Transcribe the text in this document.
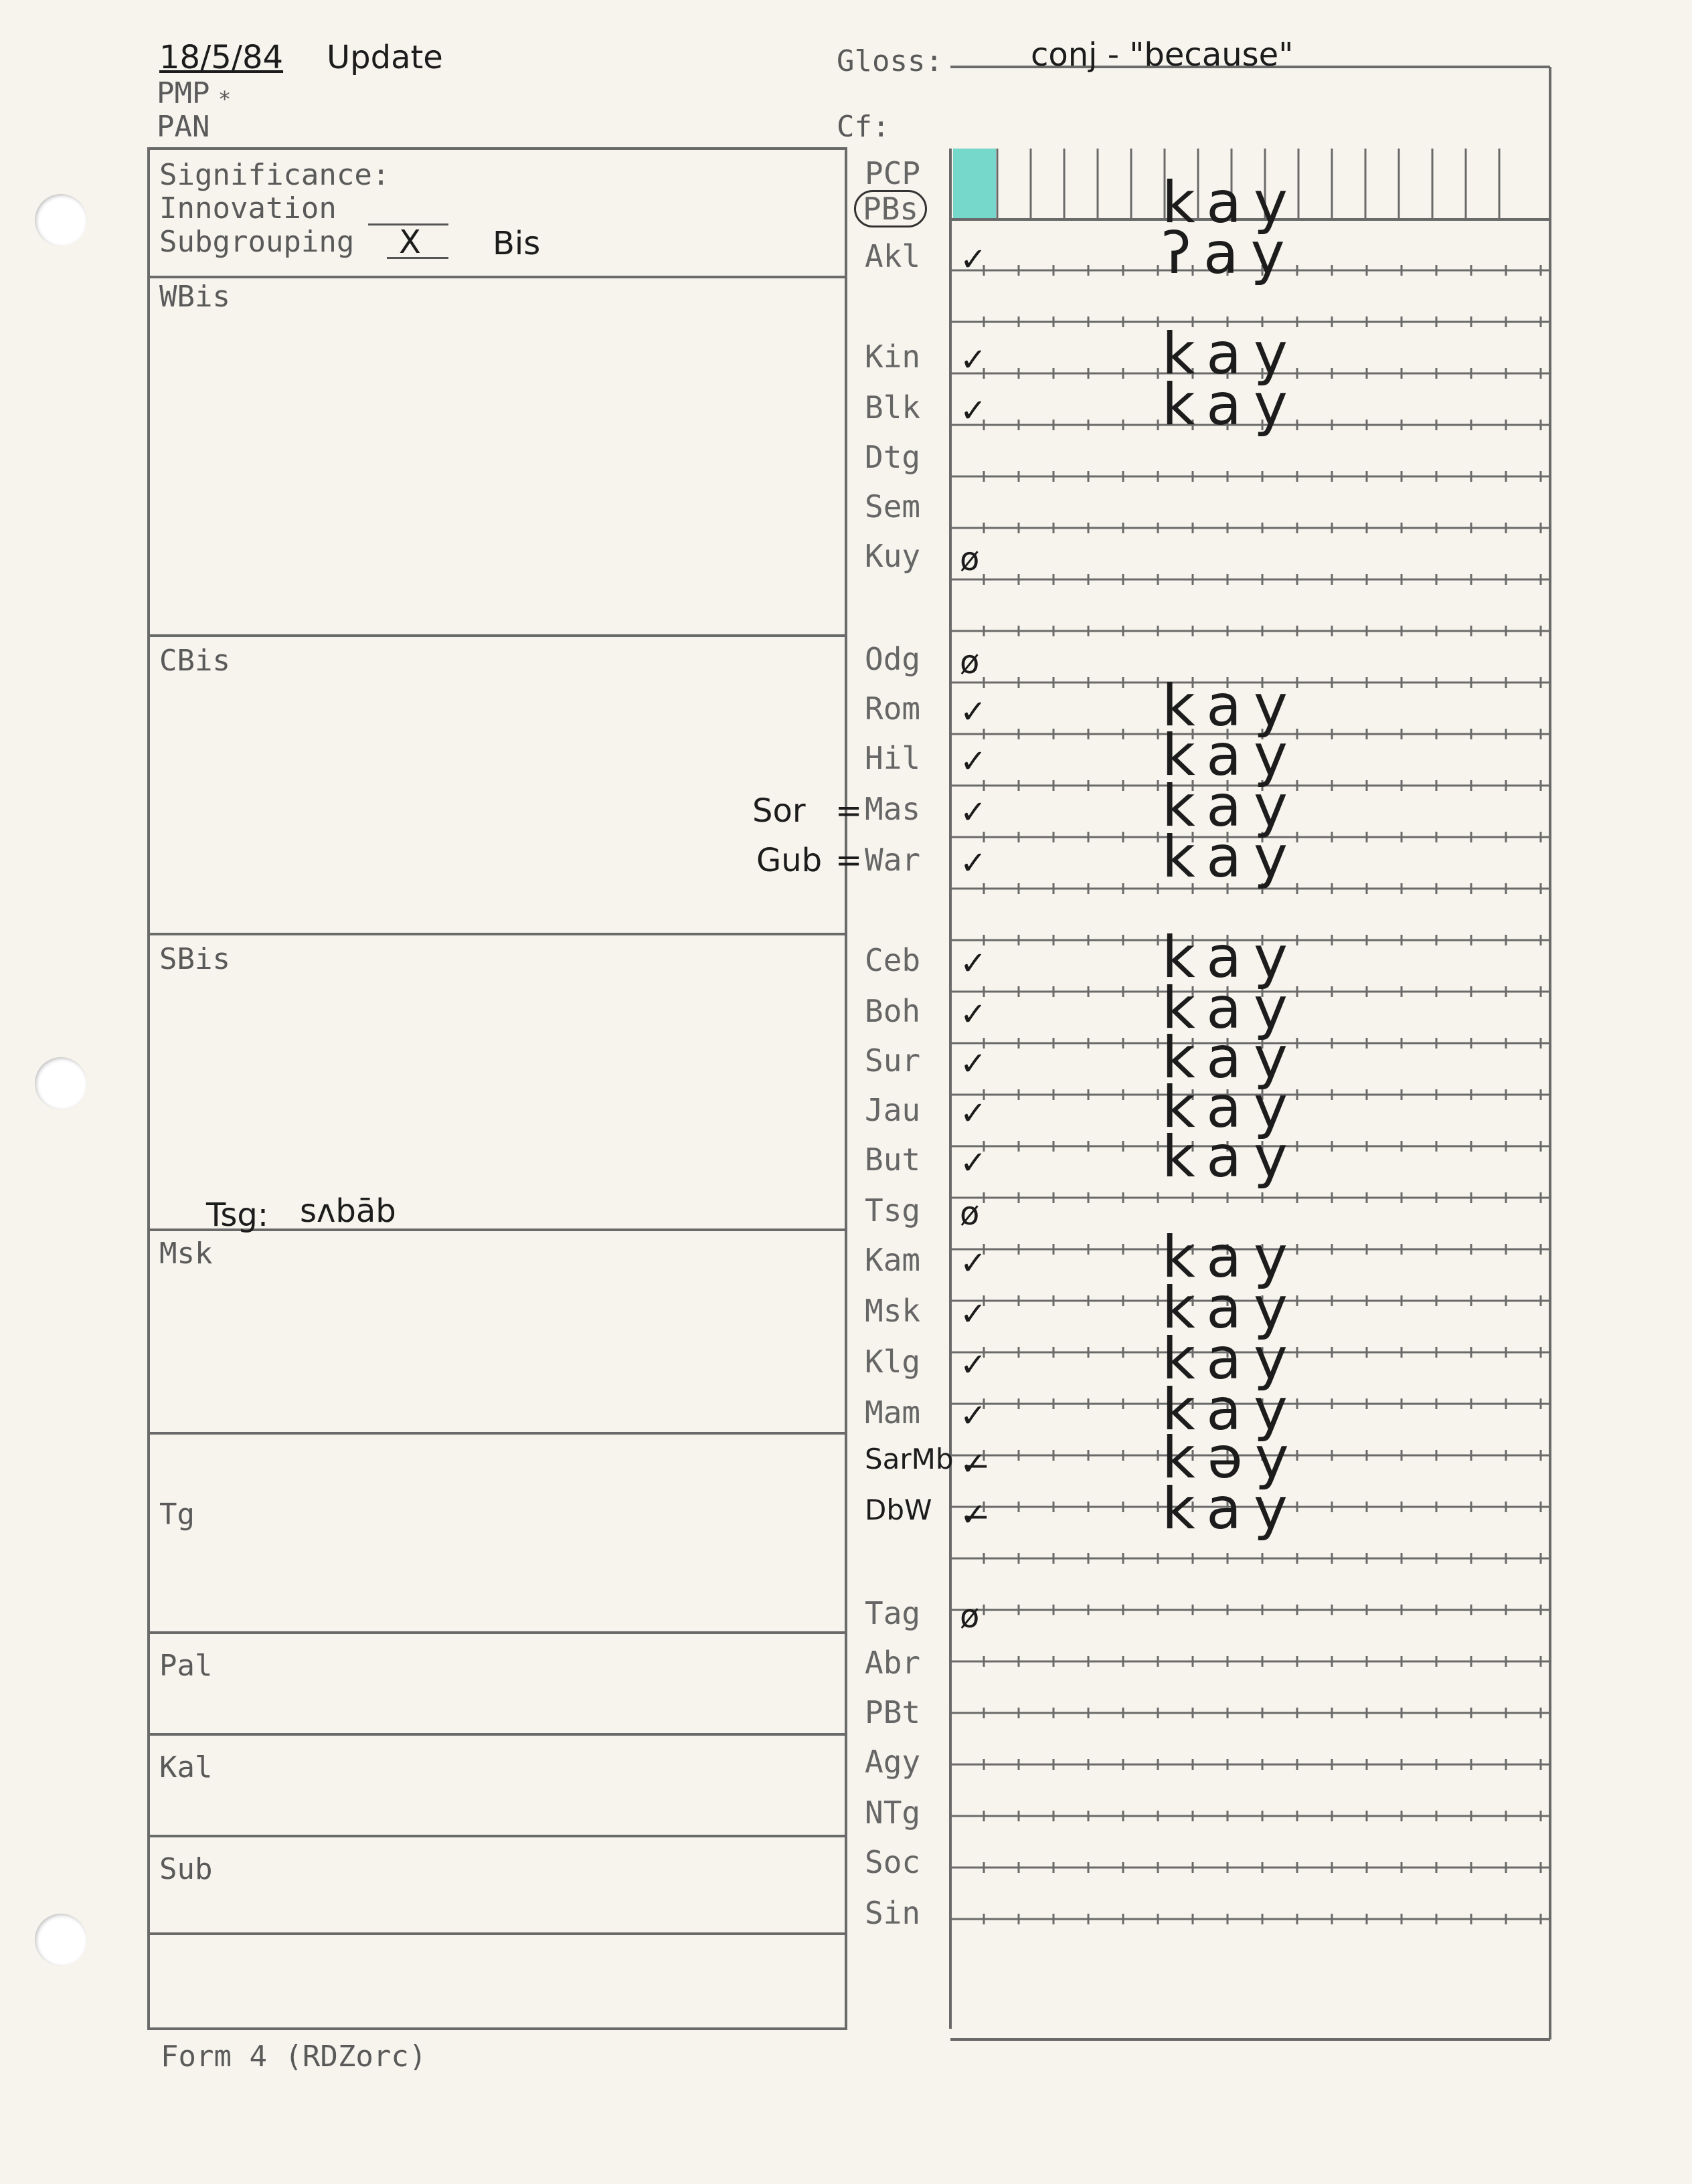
18/5/84 Update
PMP *
PAN
Gloss:	conj - "because"
Cf:
Significance:
Innovation
Subgrouping X Bis
WBis
CBis
SBis
Msk
Tg
Pal
Kal
Sub
Sor =
Gub =
Tsg: sʌbāb
PCP
PBs	kay
Akl ✓	ʔay
Kin ✓	kay
Blk ✓	kay
Dtg
Sem
Kuy ø
Odg ø
Rom ✓	kay
Hil ✓	kay
Mas ✓	kay
War ✓	kay
Ceb ✓	kay
Boh ✓	kay
Sur ✓	kay
Jau ✓	kay
But ✓	kay
Tsg ø
Kam ✓	kay
Msk ✓	kay
Klg ✓	kay
Mam ✓	kay
SarMb ✓̶	kəy
DbW ✓̶	kay
Tag ø
Abr
PBt
Agy
NTg
Soc
Sin
Form 4 (RDZorc)
